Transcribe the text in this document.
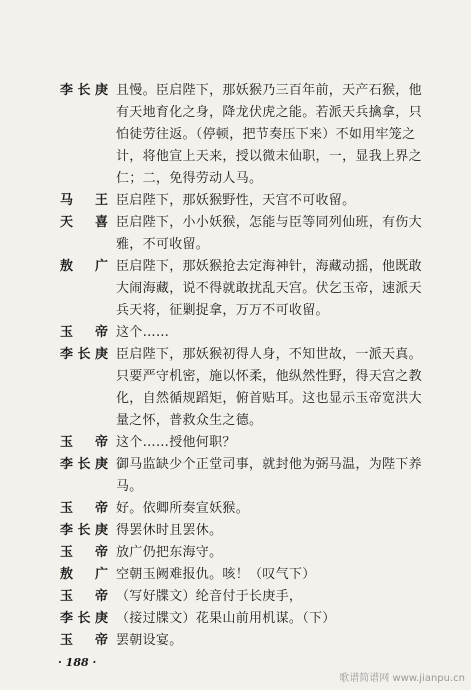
李长庚 且慢。臣启陛下，那妖猴乃三百年前，天产石猴，他
有天地育化之身，降龙伏虎之能。若派天兵擒拿，只
怕徒劳往返。（停顿，把节奏压下来）不如用牢笼之
计，将他宣上天来，授以微末仙职，一，显我上界之
仁；二，免得劳动人马。
马王 臣启陛下，那妖猴野性，天宫不可收留。
天喜 臣启陛下，小小妖猴，怎能与臣等同列仙班，有伤大
雅，不可收留。
敖广 臣启陛下，那妖猴抢去定海神针，海藏动摇，他既敢
大闹海藏，说不得就敢扰乱天宫。伏乞玉帝，速派天
兵天将，征剿捉拿，万万不可收留。
玉帝 这个……
李长庚 臣启陛下，那妖猴初得人身，不知世故，一派天真。
只要严守机密，施以怀柔，他纵然性野，得天宫之教
化，自然循规蹈矩，俯首贴耳。这也显示玉帝宽洪大
量之怀，普救众生之德。
玉帝 这个……授他何职？
李长庚 御马监缺少个正堂司事，就封他为弼马温，为陛下养
马。
玉帝 好。依卿所奏宣妖猴。
李长庚 得罢休时且罢休。
玉帝 放广仍把东海守。
敖广 空朝玉阙难报仇。咳！（叹气下）
玉帝 （写好牒文）纶音付于长庚手，
李长庚 （接过牒文）花果山前用机谋。（下）
玉帝 罢朝设宴。
· 188 ·
歌谱简谱网 www.jianpu.cn
